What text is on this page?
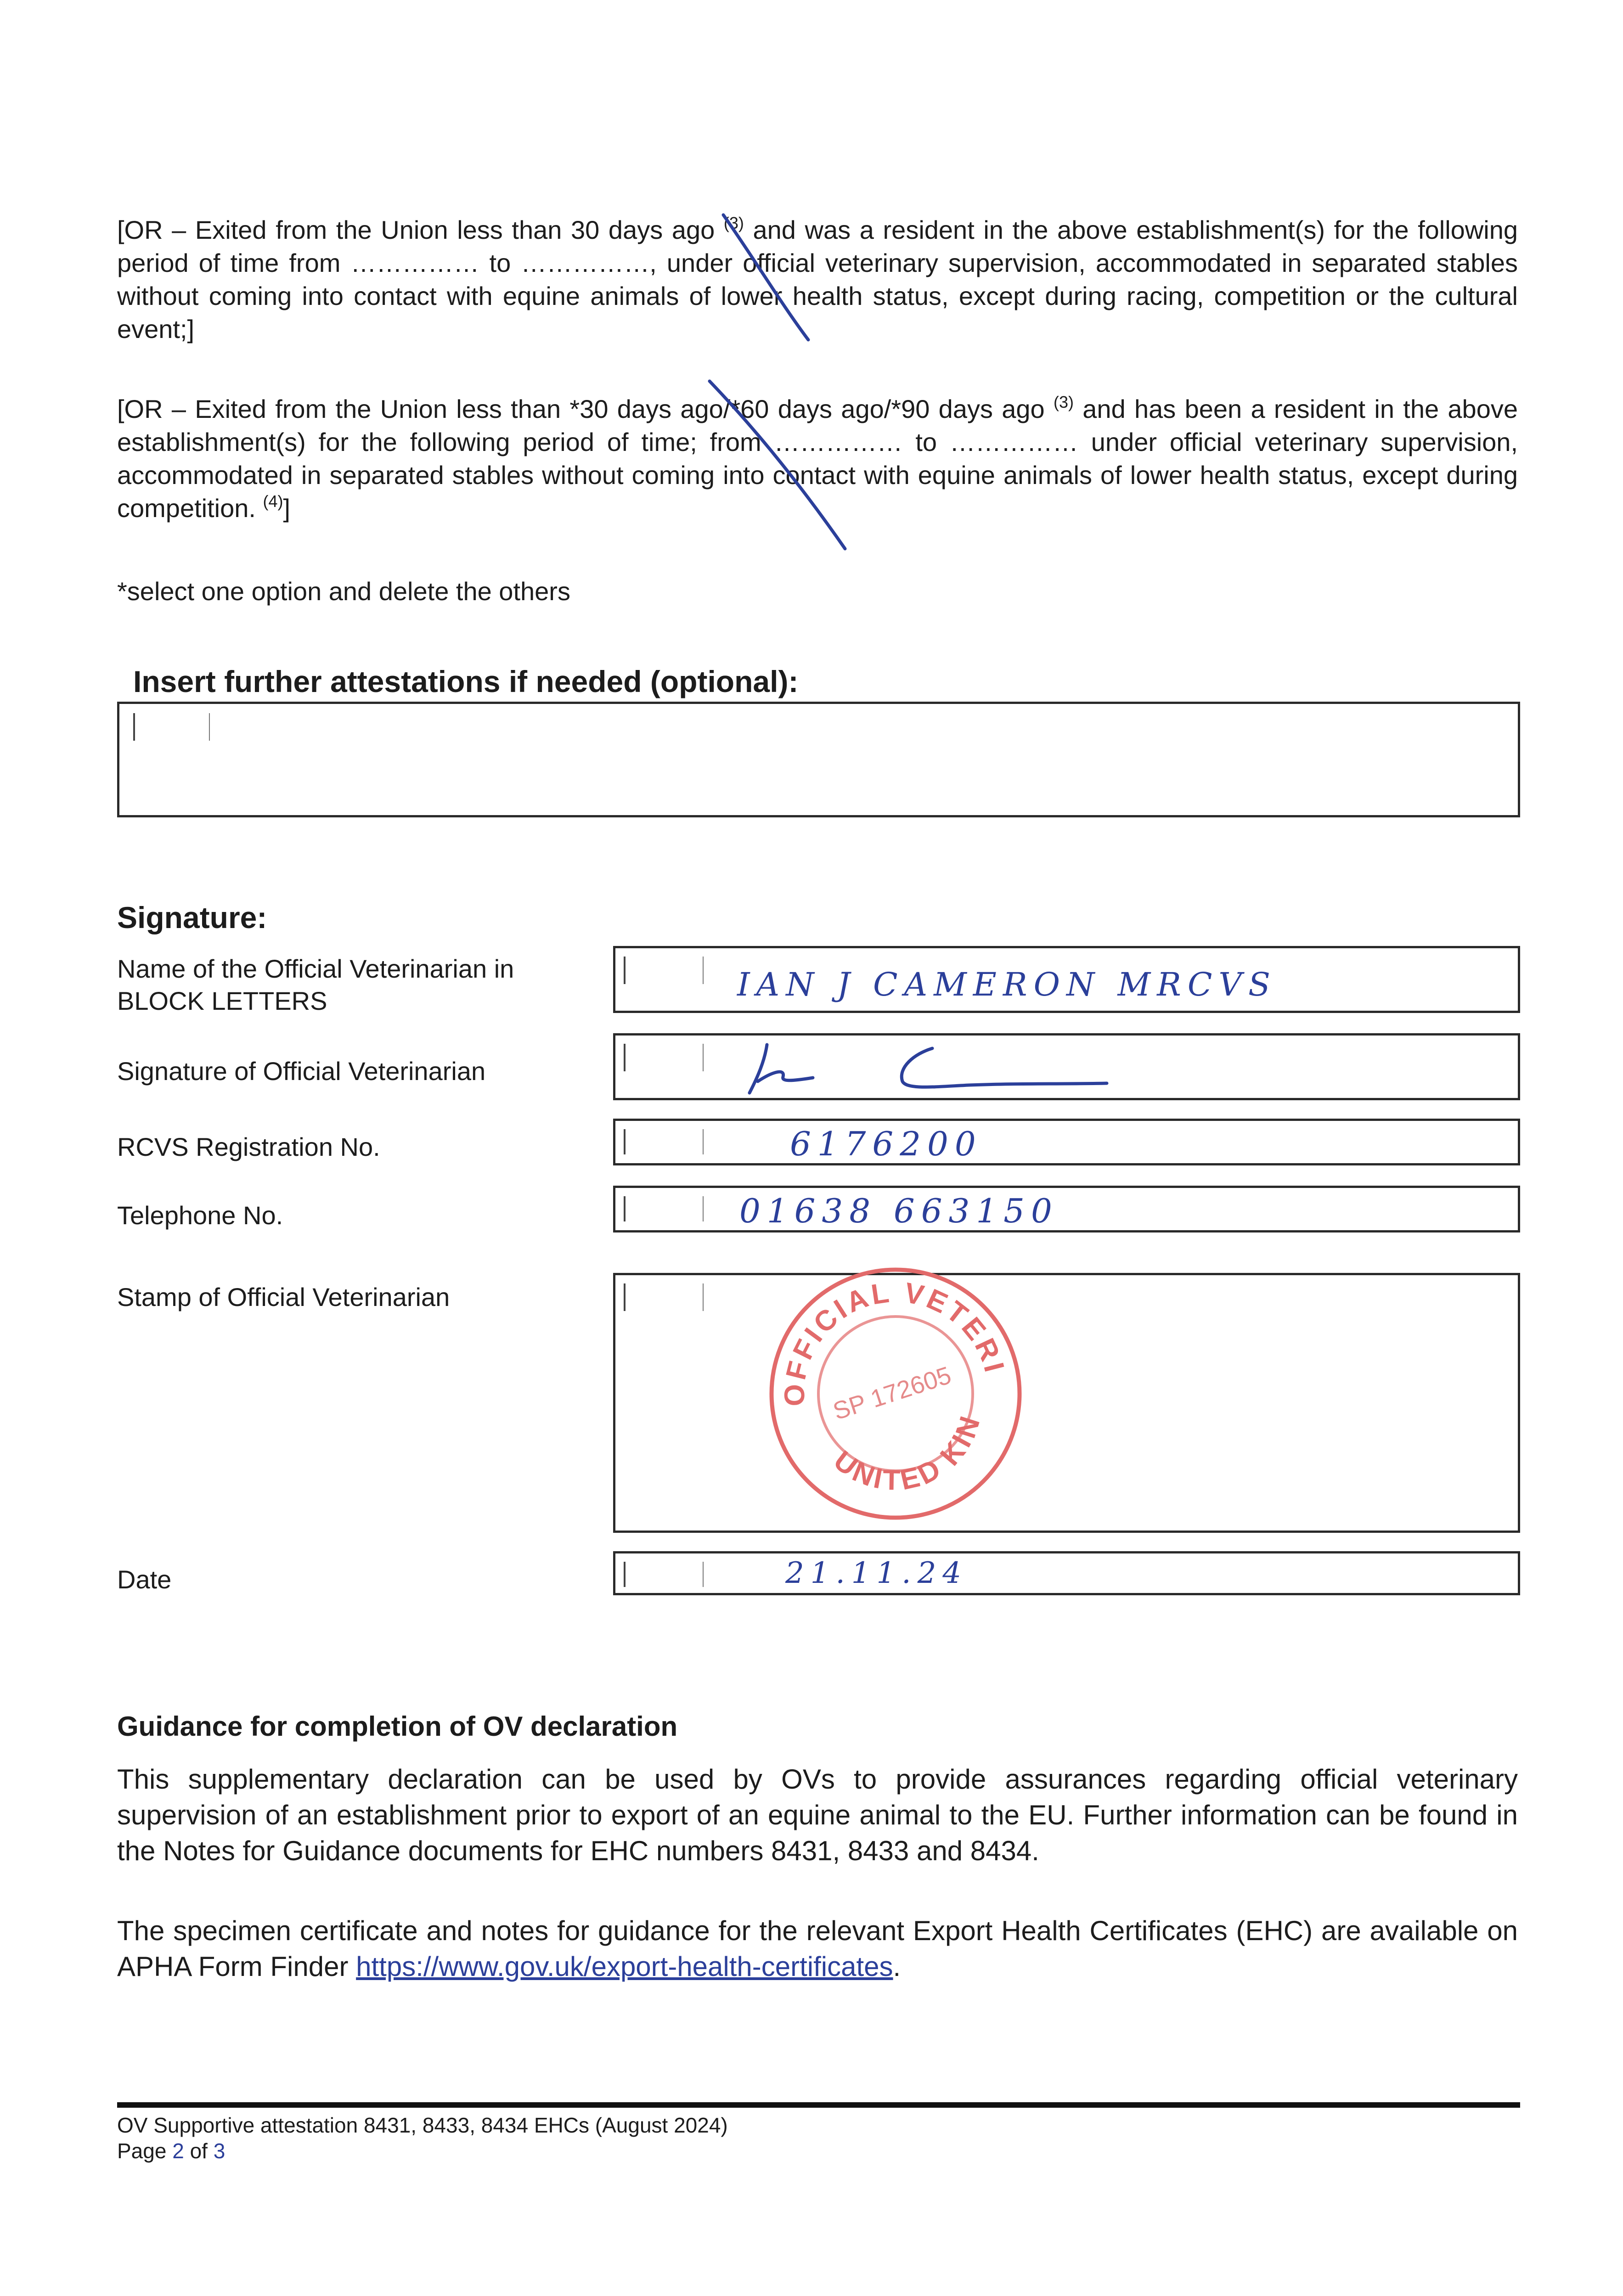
[OR – Exited from the Union less than 30 days ago $^{(3)}$ and was a resident in the above establishment(s) for the following period of time from …………… to ……………, under official veterinary supervision, accommodated in separated stables without coming into contact with equine animals of lower health status, except during racing, competition or the cultural event;]

[OR – Exited from the Union less than *30 days ago/*60 days ago/*90 days ago $^{(3)}$ and has been a resident in the above establishment(s) for the following period of time; from …………… to …………… under official veterinary supervision, accommodated in separated stables without coming into contact with equine animals of lower health status, except during competition. $^{(4)}$]

*select one option and delete the others

Insert further attestations if needed (optional):
Signature:

Name of the Official Veterinarian in
BLOCK LETTERS	IAN J CAMERON MRCVS

Signature of Official Veterinarian

RCVS Registration No.	6176200

Telephone No.	01638 663150

Stamp of Official Veterinarian

OFFICIAL VETERI
UNITED KIN
SP 172605

Date	21.11.24
Guidance for completion of OV declaration

This supplementary declaration can be used by OVs to provide assurances regarding official veterinary supervision of an establishment prior to export of an equine animal to the EU. Further information can be found in the Notes for Guidance documents for EHC numbers 8431, 8433 and 8434.

The specimen certificate and notes for guidance for the relevant Export Health Certificates (EHC) are available on APHA Form Finder https://www.gov.uk/export-health-certificates.

OV Supportive attestation 8431, 8433, 8434 EHCs (August 2024)

Page 2 of 3
